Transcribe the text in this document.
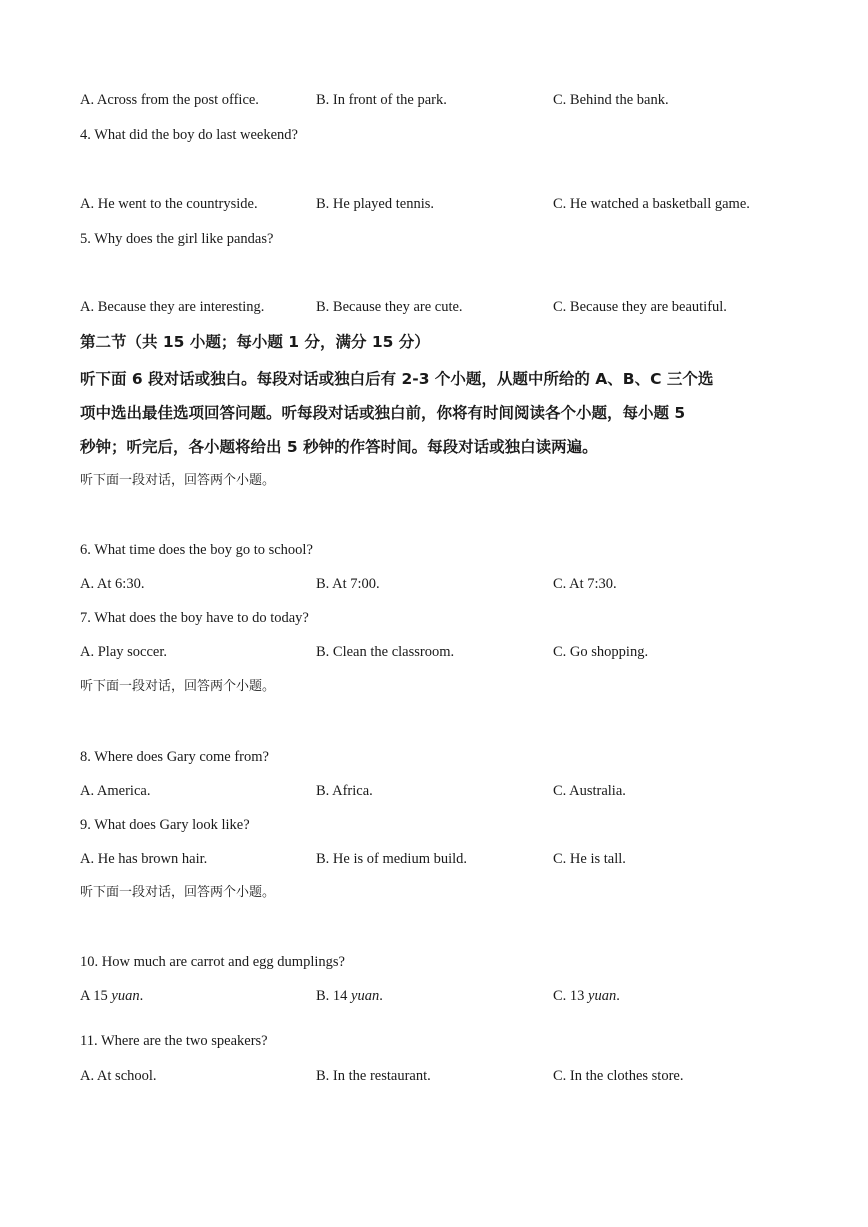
A. Across from the post office.	B. In front of the park.	C. Behind the bank.
4. What did the boy do last weekend?
A. He went to the countryside.	B. He played tennis.	C. He watched a basketball game.
5. Why does the girl like pandas?
A. Because they are interesting.	B. Because they are cute.	C. Because they are beautiful.
第二节（共 15 小题；每小题 1 分，满分 15 分）
听下面 6 段对话或独白。每段对话或独白后有 2-3 个小题，从题中所给的 A、B、C 三个选
项中选出最佳选项回答问题。听每段对话或独白前，你将有时间阅读各个小题，每小题 5
秒钟；听完后，各小题将给出 5 秒钟的作答时间。每段对话或独白读两遍。
听下面一段对话，回答两个小题。
6. What time does the boy go to school?
A. At 6:30.	B. At 7:00.	C. At 7:30.
7. What does the boy have to do today?
A. Play soccer.	B. Clean the classroom.	C. Go shopping.
听下面一段对话，回答两个小题。
8. Where does Gary come from?
A. America.	B. Africa.	C. Australia.
9. What does Gary look like?
A. He has brown hair.	B. He is of medium build.	C. He is tall.
听下面一段对话，回答两个小题。
10. How much are carrot and egg dumplings?
A 15 yuan.	B. 14 yuan.	C. 13 yuan.
11. Where are the two speakers?
A. At school.	B. In the restaurant.	C. In the clothes store.
